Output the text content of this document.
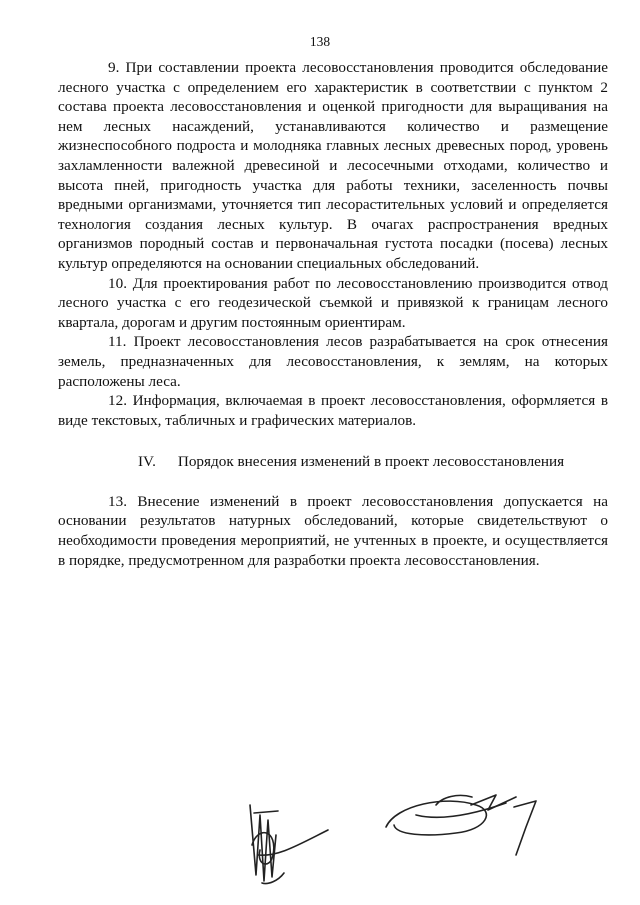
138

9. При составлении проекта лесовосстановления проводится обследование лесного участка с определением его характеристик в соответствии с пунктом 2 состава проекта лесовосстановления и оценкой пригодности для выращивания на нем лесных насаждений, устанавливаются количество и размещение жизнеспособного подроста и молодняка главных лесных древесных пород, уровень захламленности валежной древесиной и лесосечными отходами, количество и высота пней, пригодность участка для работы техники, заселенность почвы вредными организмами, уточняется тип лесорастительных условий и определяется технология создания лесных культур. В очагах распространения вредных организмов породный состав и первоначальная густота посадки (посева) лесных культур определяются на основании специальных обследований.

10. Для проектирования работ по лесовосстановлению производится отвод лесного участка с его геодезической съемкой и привязкой к границам лесного квартала, дорогам и другим постоянным ориентирам.

11. Проект лесовосстановления лесов разрабатывается на срок отнесения земель, предназначенных для лесовосстановления, к землям, на которых расположены леса.

12. Информация, включаемая в проект лесовосстановления, оформляется в виде текстовых, табличных и графических материалов.

IV. Порядок внесения изменений в проект лесовосстановления

13. Внесение изменений в проект лесовосстановления допускается на основании результатов натурных обследований, которые свидетельствуют о необходимости проведения мероприятий, не учтенных в проекте, и осуществляется в порядке, предусмотренном для разработки проекта лесовосстановления.
